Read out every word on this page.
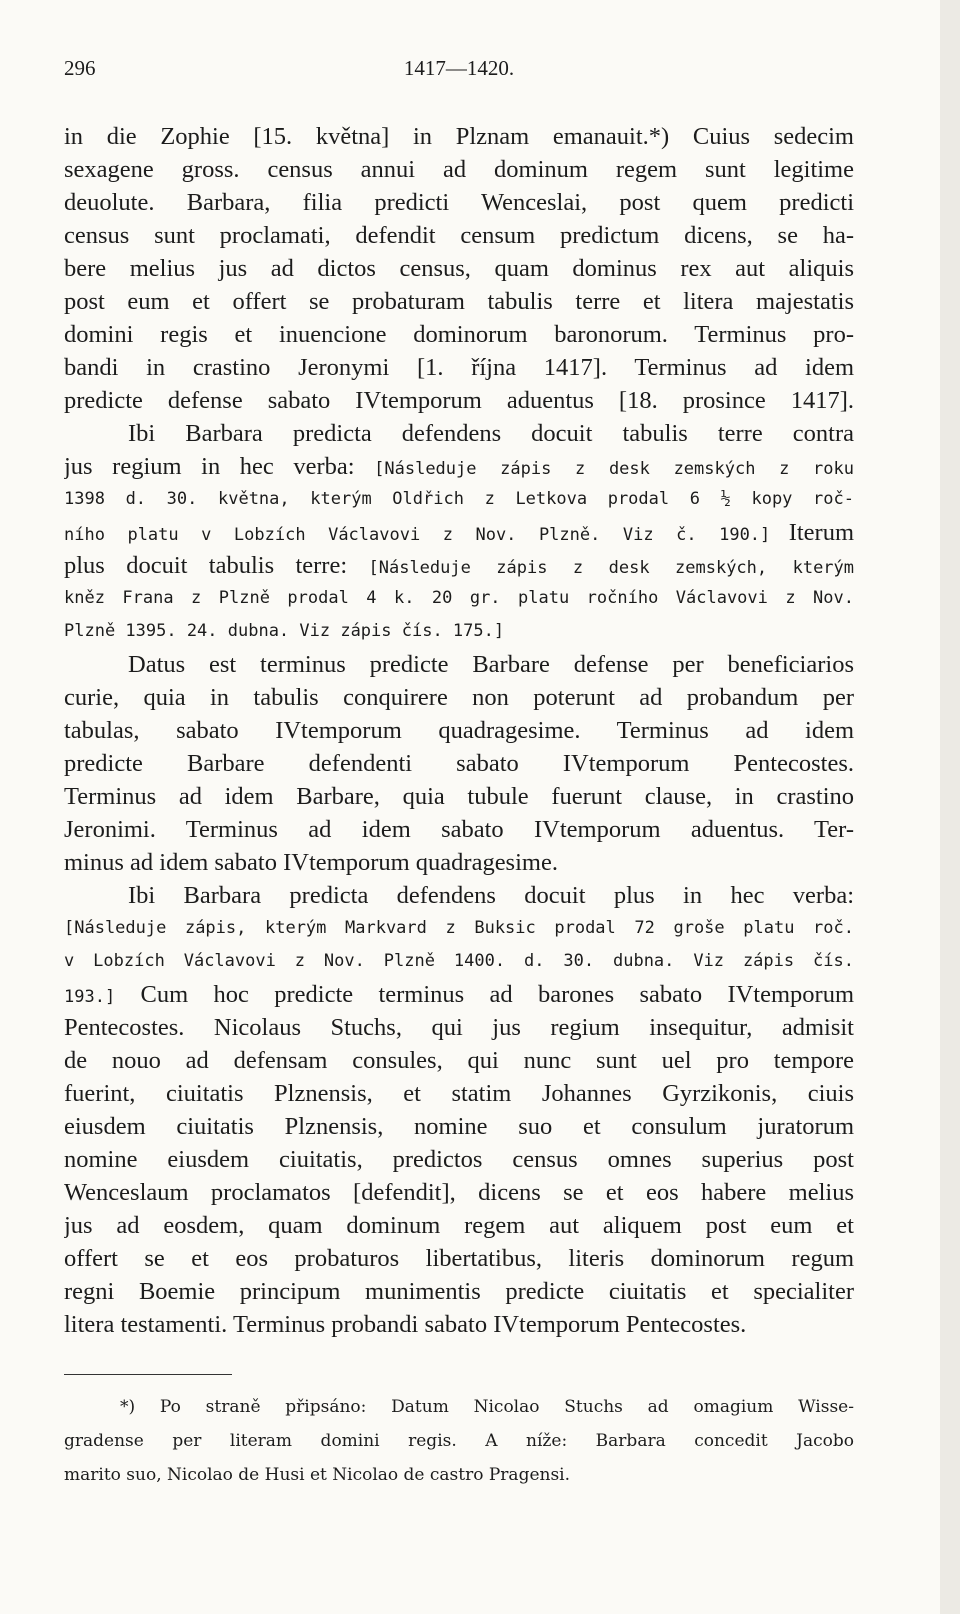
296	1417—1420.
in die Zophie [15. května] in Plznam emanauit.*) Cuius sedecim
sexagene gross. census annui ad dominum regem sunt legitime
deuolute. Barbara, filia predicti Wenceslai, post quem predicti
census sunt proclamati, defendit censum predictum dicens, se ha-
bere melius jus ad dictos census, quam dominus rex aut aliquis
post eum et offert se probaturam tabulis terre et litera majestatis
domini regis et inuencione dominorum baronorum. Terminus pro-
bandi in crastino Jeronymi [1. října 1417]. Terminus ad idem
predicte defense sabato IVtemporum aduentus [18. prosince 1417].
Ibi Barbara predicta defendens docuit tabulis terre contra
jus regium in hec verba: [Následuje zápis z desk zemských z roku
1398 d. 30. května, kterým Oldřich z Letkova prodal 6 ½ kopy roč-
ního platu v Lobzích Václavovi z Nov. Plzně. Viz č. 190.] Iterum
plus docuit tabulis terre: [Následuje zápis z desk zemských, kterým
kněz Frana z Plzně prodal 4 k. 20 gr. platu ročního Václavovi z Nov.
Plzně 1395. 24. dubna. Viz zápis čís. 175.]
Datus est terminus predicte Barbare defense per beneficiarios
curie, quia in tabulis conquirere non poterunt ad probandum per
tabulas, sabato IVtemporum quadragesime. Terminus ad idem
predicte Barbare defendenti sabato IVtemporum Pentecostes.
Terminus ad idem Barbare, quia tubule fuerunt clause, in crastino
Jeronimi. Terminus ad idem sabato IVtemporum aduentus. Ter-
minus ad idem sabato IVtemporum quadragesime.
Ibi Barbara predicta defendens docuit plus in hec verba:
[Následuje zápis, kterým Markvard z Buksic prodal 72 groše platu roč.
v Lobzích Václavovi z Nov. Plzně 1400. d. 30. dubna. Viz zápis čís.
193.] Cum hoc predicte terminus ad barones sabato IVtemporum
Pentecostes. Nicolaus Stuchs, qui jus regium insequitur, admisit
de nouo ad defensam consules, qui nunc sunt uel pro tempore
fuerint, ciuitatis Plznensis, et statim Johannes Gyrzikonis, ciuis
eiusdem ciuitatis Plznensis, nomine suo et consulum juratorum
nomine eiusdem ciuitatis, predictos census omnes superius post
Wenceslaum proclamatos [defendit], dicens se et eos habere melius
jus ad eosdem, quam dominum regem aut aliquem post eum et
offert se et eos probaturos libertatibus, literis dominorum regum
regni Boemie principum munimentis predicte ciuitatis et specialiter
litera testamenti. Terminus probandi sabato IVtemporum Pentecostes.
*) Po straně připsáno: Datum Nicolao Stuchs ad omagium Wisse-
gradense per literam domini regis. A níže: Barbara concedit Jacobo
marito suo, Nicolao de Husi et Nicolao de castro Pragensi.
